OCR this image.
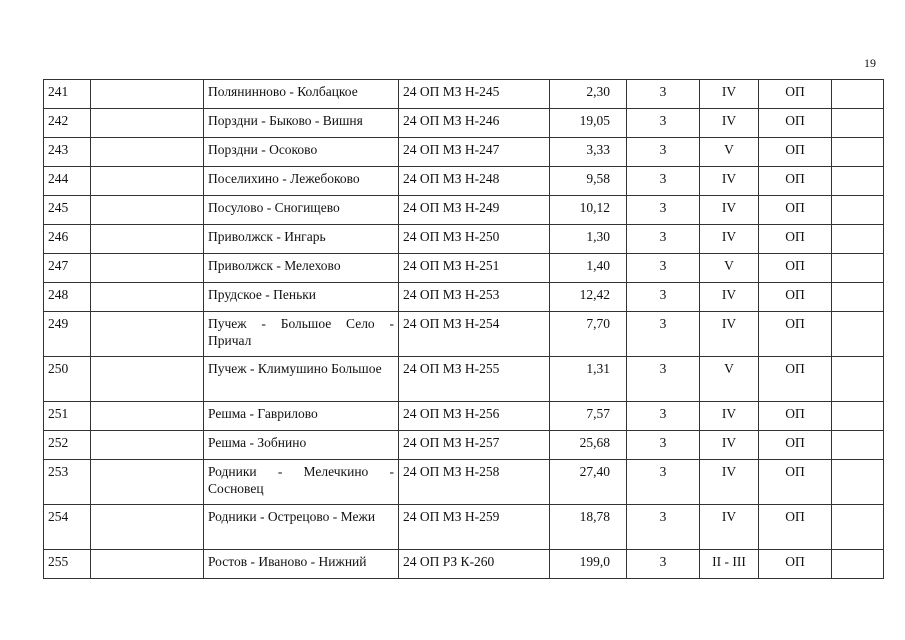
19
241		Полянинново - Колбацкое	24 ОП МЗ Н-245	2,30	3	IV	ОП	
242		Порздни - Быково - Вишня	24 ОП МЗ Н-246	19,05	3	IV	ОП	
243		Порздни - Осоково	24 ОП МЗ Н-247	3,33	3	V	ОП	
244		Поселихино - Лежебоково	24 ОП МЗ Н-248	9,58	3	IV	ОП	
245		Посулово - Сногищево	24 ОП МЗ Н-249	10,12	3	IV	ОП	
246		Приволжск - Ингарь	24 ОП МЗ Н-250	1,30	3	IV	ОП	
247		Приволжск - Мелехово	24 ОП МЗ Н-251	1,40	3	V	ОП	
248		Прудское - Пеньки	24 ОП МЗ Н-253	12,42	3	IV	ОП	
249		Пучеж - Большое Село - Причал	24 ОП МЗ Н-254	7,70	3	IV	ОП	
250		Пучеж - Климушино Большое	24 ОП МЗ Н-255	1,31	3	V	ОП	
251		Решма - Гаврилово	24 ОП МЗ Н-256	7,57	3	IV	ОП	
252		Решма - Зобнино	24 ОП МЗ Н-257	25,68	3	IV	ОП	
253		Родники - Мелечкино - Сосновец	24 ОП МЗ Н-258	27,40	3	IV	ОП	
254		Родники - Острецово - Межи	24 ОП МЗ Н-259	18,78	3	IV	ОП	
255		Ростов - Иваново - Нижний	24 ОП РЗ К-260	199,0	3	II - III	ОП	
